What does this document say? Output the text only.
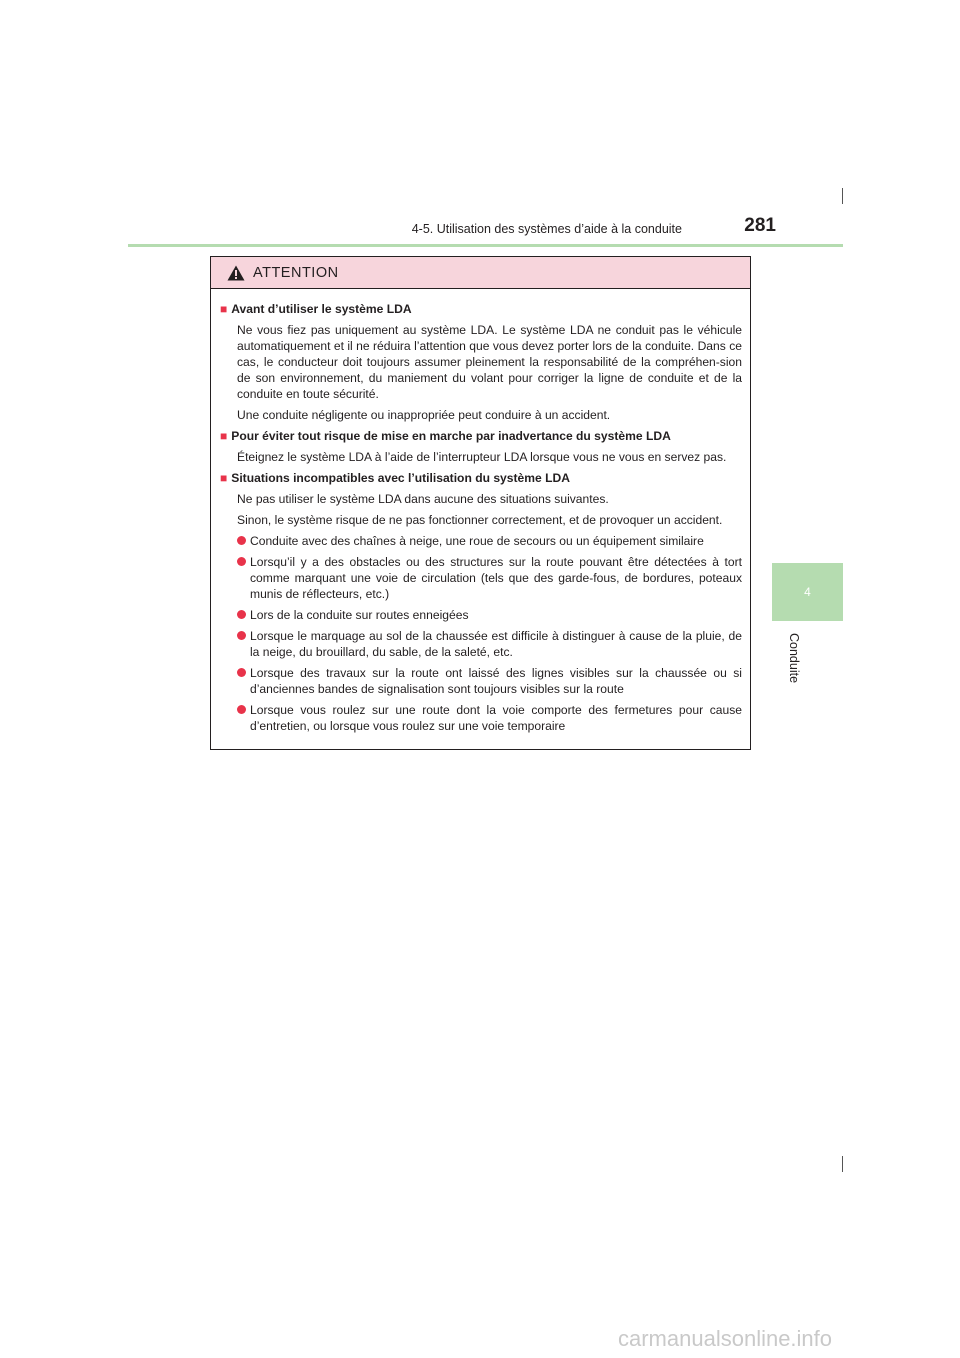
4-5. Utilisation des systèmes d’aide à la conduite	281
4
Conduite
ATTENTION
■ Avant d’utiliser le système LDA
Ne vous fiez pas uniquement au système LDA. Le système LDA ne conduit pas le véhicule automatiquement et il ne réduira l’attention que vous devez porter lors de la conduite. Dans ce cas, le conducteur doit toujours assumer pleinement la responsabilité de la compréhen-sion de son environnement, du maniement du volant pour corriger la ligne de conduite et de la conduite en toute sécurité.
Une conduite négligente ou inappropriée peut conduire à un accident.
■ Pour éviter tout risque de mise en marche par inadvertance du système LDA
Éteignez le système LDA à l’aide de l’interrupteur LDA lorsque vous ne vous en servez pas.
■ Situations incompatibles avec l’utilisation du système LDA
Ne pas utiliser le système LDA dans aucune des situations suivantes.
Sinon, le système risque de ne pas fonctionner correctement, et de provoquer un accident.
Conduite avec des chaînes à neige, une roue de secours ou un équipement similaire
Lorsqu’il y a des obstacles ou des structures sur la route pouvant être détectées à tort comme marquant une voie de circulation (tels que des garde-fous, de bordures, poteaux munis de réflecteurs, etc.)
Lors de la conduite sur routes enneigées
Lorsque le marquage au sol de la chaussée est difficile à distinguer à cause de la pluie, de la neige, du brouillard, du sable, de la saleté, etc.
Lorsque des travaux sur la route ont laissé des lignes visibles sur la chaussée ou si d’anciennes bandes de signalisation sont toujours visibles sur la route
Lorsque vous roulez sur une route dont la voie comporte des fermetures pour cause d’entretien, ou lorsque vous roulez sur une voie temporaire
carmanualsonline.info
